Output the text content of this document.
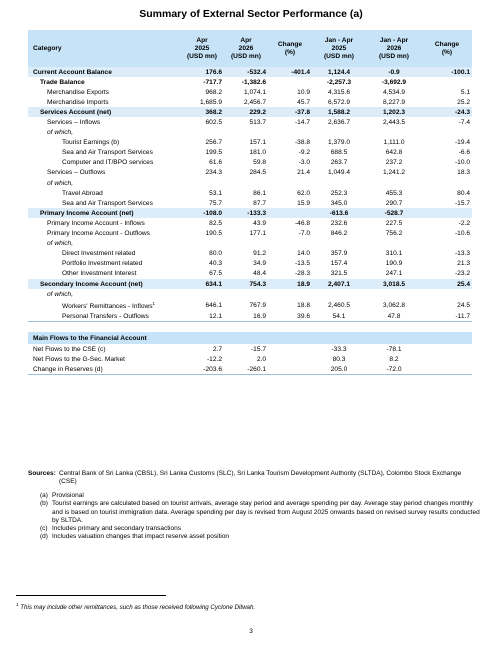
Summary of External Sector Performance (a)
Category	Apr
2025
(USD mn)	Apr
2026
(USD mn)	Change
(%)	Jan - Apr
2025
(USD mn)	Jan - Apr
2026
(USD mn)	Change
(%)
Current Account Balance	176.6	-532.4	-401.4	1,124.4	-0.9	-100.1
Trade Balance	-717.7	-1,382.6		-2,257.3	-3,692.9	
Merchandise Exports	968.2	1,074.1	10.9	4,315.6	4,534.9	5.1
Merchandise Imports	1,685.9	2,456.7	45.7	6,572.9	8,227.9	25.2
Services Account (net)	368.2	229.2	-37.8	1,588.2	1,202.3	-24.3
Services – Inflows	602.5	513.7	-14.7	2,636.7	2,443.5	-7.4
of which,						
Tourist Earnings (b)	256.7	157.1	-38.8	1,379.0	1,111.0	-19.4
Sea and Air Transport Services	199.5	181.0	-9.2	688.5	642.8	-6.6
Computer and IT/BPO services	61.6	59.8	-3.0	263.7	237.2	-10.0
Services – Outflows	234.3	284.5	21.4	1,049.4	1,241.2	18.3
of which,						
Travel Abroad	53.1	86.1	62.0	252.3	455.3	80.4
Sea and Air Transport Services	75.7	87.7	15.9	345.0	290.7	-15.7
Primary Income Account (net)	-108.0	-133.3		-613.6	-528.7	
Primary Income Account - Inflows	82.5	43.9	-46.8	232.6	227.5	-2.2
Primary Income Account - Outflows	190.5	177.1	-7.0	846.2	756.2	-10.6
of which,						
Direct Investment related	80.0	91.2	14.0	357.9	310.1	-13.3
Portfolio Investment related	40.3	34.9	-13.5	157.4	190.9	21.3
Other Investment Interest	67.5	48.4	-28.3	321.5	247.1	-23.2
Secondary Income Account (net)	634.1	754.3	18.9	2,407.1	3,018.5	25.4
of which,						
Workers' Remittances - Inflows$^1$	646.1	767.9	18.8	2,460.5	3,062.8	24.5
Personal Transfers - Outflows	12.1	16.9	39.6	54.1	47.8	-11.7

Main Flows to the Financial Account						
Net Flows to the CSE (c)	2.7	-15.7		-33.3	-78.1	
Net Flows to the G-Sec. Market	-12.2	2.0		80.3	8.2	
Change in Reserves (d)	-203.6	-260.1		205.0	-72.0	
Sources: Central Bank of Sri Lanka (CBSL), Sri Lanka Customs (SLC), Sri Lanka Tourism Development Authority (SLTDA), Colombo Stock Exchange (CSE)
(a) Provisional
(b) Tourist earnings are calculated based on tourist arrivals, average stay period and average spending per day. Average stay period changes monthly and is based on tourist immigration data. Average spending per day is revised from August 2025 onwards based on revised survey results conducted by SLTDA.
(c) Includes primary and secondary transactions
(d) Includes valuation changes that impact reserve asset position
$^1$ This may include other remittances, such as those received following Cyclone Ditwah.
3
